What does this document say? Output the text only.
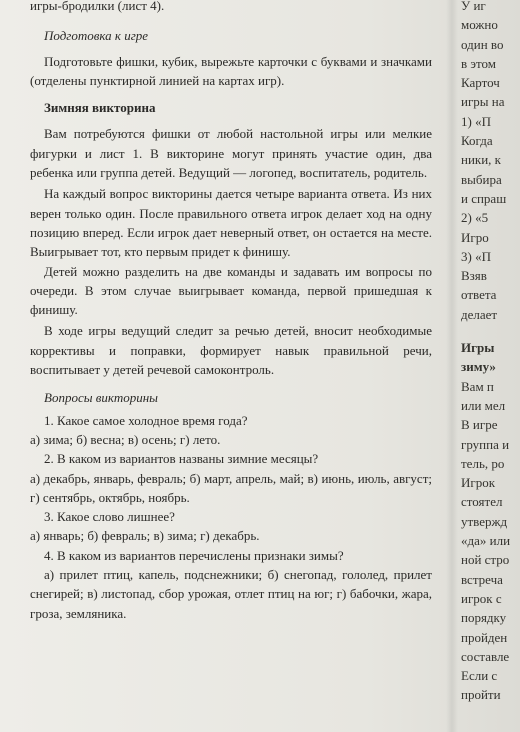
игры-бродилки (лист 4).

Подготовка к игре

Подготовьте фишки, кубик, вырежьте карточки с буквами и значками (отделены пунктирной линией на картах игр).

Зимняя викторина

Вам потребуются фишки от любой настольной игры или мелкие фигурки и лист 1. В викторине могут принять участие один, два ребенка или группа детей. Ведущий — логопед, воспитатель, родитель.

На каждый вопрос викторины дается четыре варианта ответа. Из них верен только один. После правильного ответа игрок делает ход на одну позицию вперед. Если игрок дает неверный ответ, он остается на месте. Выигрывает тот, кто первым придет к финишу.

Детей можно разделить на две команды и задавать им вопросы по очереди. В этом случае выигрывает команда, первой пришедшая к финишу.

В ходе игры ведущий следит за речью детей, вносит необходимые коррективы и поправки, формирует навык правильной речи, воспитывает у детей речевой самоконтроль.

Вопросы викторины

1. Какое самое холодное время года?

а) зима; б) весна; в) осень; г) лето.

2. В каком из вариантов названы зимние месяцы?

а) декабрь, январь, февраль; б) март, апрель, май; в) июнь, июль, август; г) сентябрь, октябрь, ноябрь.

3. Какое слово лишнее?

а) январь; б) февраль; в) зима; г) декабрь.

4. В каком из вариантов перечислены признаки зимы?

а) прилет птиц, капель, подснежники; б) снегопад, гололед, прилет снегирей; в) листопад, сбор урожая, отлет птиц на юг; г) бабочки, жара, гроза, земляника.

У иг

можно

один во

в этом

Карточ

игры на

1) «П

Когда

ники, к

выбира

и спраш

2) «5

Игро

3) «П

Взяв

ответа

делает

Игры

зиму»

Вам п

или мел

В игре

группа и

тель, ро

Игрок

стоятел

утвержд

«да» или

ной стро

встреча

игрок с

порядку

пройден

составле

Если с

пройти
